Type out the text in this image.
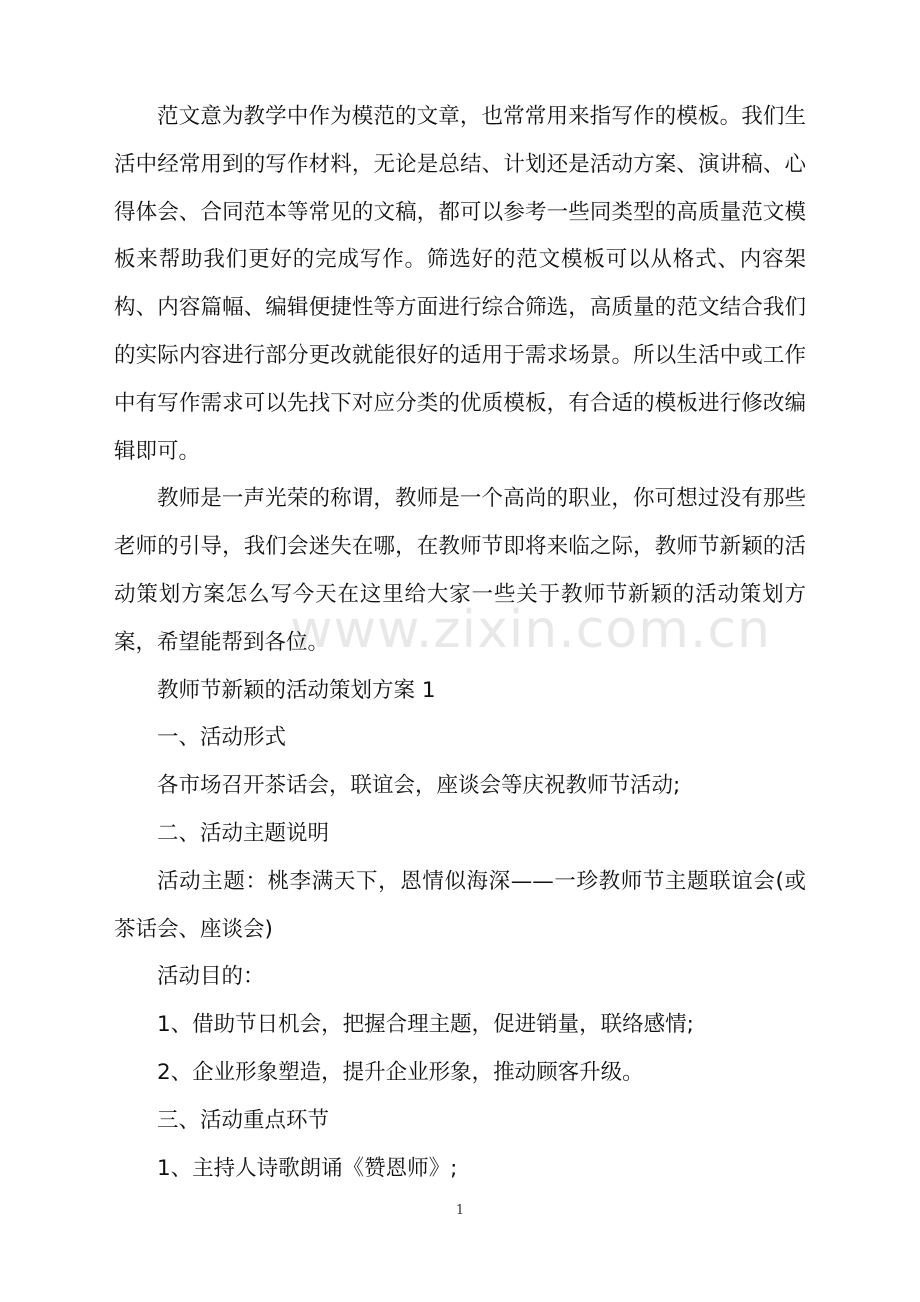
范文意为教学中作为模范的文章，也常常用来指写作的模板。我们生活中经常用到的写作材料，无论是总结、计划还是活动方案、演讲稿、心得体会、合同范本等常见的文稿，都可以参考一些同类型的高质量范文模板来帮助我们更好的完成写作。筛选好的范文模板可以从格式、内容架构、内容篇幅、编辑便捷性等方面进行综合筛选，高质量的范文结合我们的实际内容进行部分更改就能很好的适用于需求场景。所以生活中或工作中有写作需求可以先找下对应分类的优质模板，有合适的模板进行修改编辑即可。

教师是一声光荣的称谓，教师是一个高尚的职业，你可想过没有那些老师的引导，我们会迷失在哪，在教师节即将来临之际，教师节新颖的活动策划方案怎么写今天在这里给大家一些关于教师节新颖的活动策划方案，希望能帮到各位。

教师节新颖的活动策划方案 1

一、活动形式

各市场召开茶话会，联谊会，座谈会等庆祝教师节活动;

二、活动主题说明

活动主题：桃李满天下，恩情似海深——一珍教师节主题联谊会(或茶话会、座谈会)

活动目的：

1、借助节日机会，把握合理主题，促进销量，联络感情;

2、企业形象塑造，提升企业形象，推动顾客升级。

三、活动重点环节

1、主持人诗歌朗诵《赞恩师》;

www.zixin.com.cn
1
